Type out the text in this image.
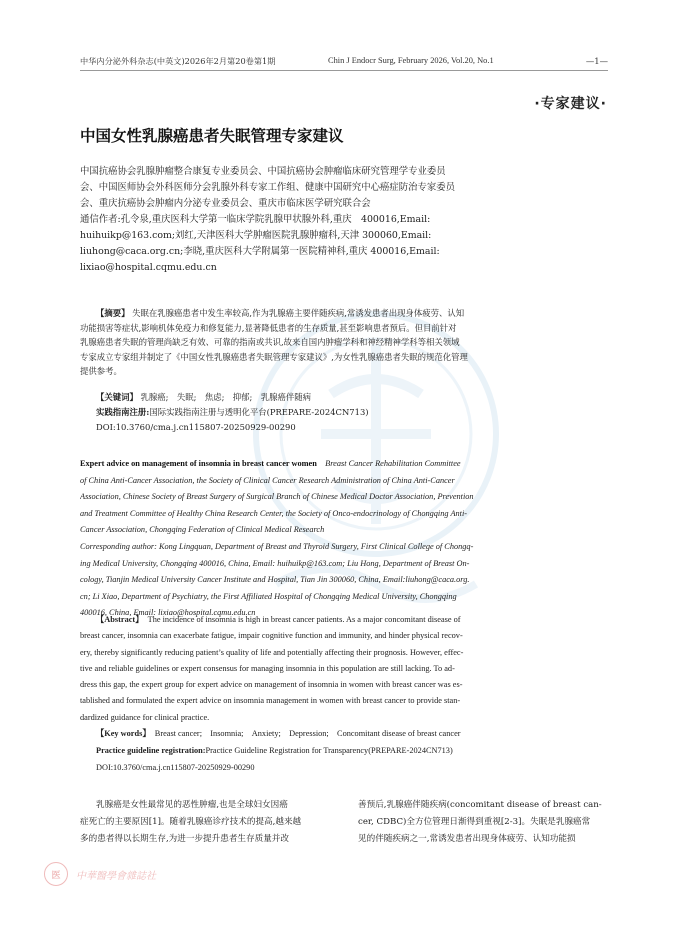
中华内分泌外科杂志(中英文)2026年2月第20卷第1期	Chin J Endocr Surg, February 2026, Vol.20, No.1	—1—
·专家建议·
中国女性乳腺癌患者失眠管理专家建议
中国抗癌协会乳腺肿瘤整合康复专业委员会、中国抗癌协会肿瘤临床研究管理学专业委员
会、中国医师协会外科医师分会乳腺外科专家工作组、健康中国研究中心癌症防治专家委员
会、重庆抗癌协会肿瘤内分泌专业委员会、重庆市临床医学研究联合会
通信作者:孔令泉,重庆医科大学第一临床学院乳腺甲状腺外科,重庆　400016,Email:
huihuikp@163.com;刘红,天津医科大学肿瘤医院乳腺肿瘤科,天津 300060,Email:
liuhong@caca.org.cn;李晓,重庆医科大学附属第一医院精神科,重庆 400016,Email:
lixiao@hospital.cqmu.edu.cn
【摘要】 失眠在乳腺癌患者中发生率较高,作为乳腺癌主要伴随疾病,常诱发患者出现身体疲劳、认知
功能损害等症状,影响机体免疫力和修复能力,显著降低患者的生存质量,甚至影响患者预后。但目前针对
乳腺癌患者失眠的管理尚缺乏有效、可靠的指南或共识,故来自国内肿瘤学科和神经精神学科等相关领域
专家成立专家组并制定了《中国女性乳腺癌患者失眠管理专家建议》,为女性乳腺癌患者失眠的规范化管理
提供参考。
【关键词】 乳腺癌;　失眠;　焦虑;　抑郁;　乳腺癌伴随病
实践指南注册:国际实践指南注册与透明化平台(PREPARE-2024CN713)
DOI:10.3760/cma.j.cn115807-20250929-00290
Expert advice on management of insomnia in breast cancer women　 Breast Cancer Rehabilitation Committee
of China Anti-Cancer Association, the Society of Clinical Cancer Research Administration of China Anti-Cancer
Association, Chinese Society of Breast Surgery of Surgical Branch of Chinese Medical Doctor Association, Prevention
and Treatment Committee of Healthy China Research Center, the Society of Onco-endocrinology of Chongqing Anti-
Cancer Association, Chongqing Federation of Clinical Medical Research
Corresponding author: Kong Lingquan, Department of Breast and Thyroid Surgery, First Clinical College of Chongq-
ing Medical University, Chongqing 400016, China, Email: huihuikp@163.com; Liu Hong, Department of Breast On-
cology, Tianjin Medical University Cancer Institute and Hospital, Tian Jin 300060, China, Email:liuhong@caca.org.
cn; Li Xiao, Department of Psychiatry, the First Affiliated Hospital of Chongqing Medical University, Chongqing
400016, China, Email: lixiao@hospital.cqmu.edu.cn
【Abstract】　 The incidence of insomnia is high in breast cancer patients. As a major concomitant disease of
breast cancer, insomnia can exacerbate fatigue, impair cognitive function and immunity, and hinder physical recov-
ery, thereby significantly reducing patient’s quality of life and potentially affecting their prognosis. However, effec-
tive and reliable guidelines or expert consensus for managing insomnia in this population are still lacking. To ad-
dress this gap, the expert group for expert advice on management of insomnia in women with breast cancer was es-
tablished and formulated the expert advice on insomnia management in women with breast cancer to provide stan-
dardized guidance for clinical practice.
【Key words】　 Breast cancer;　Insomnia;　Anxiety;　Depression;　Concomitant disease of breast cancer
Practice guideline registration:Practice Guideline Registration for Transparency(PREPARE-2024CN713)
DOI:10.3760/cma.j.cn115807-20250929-00290
乳腺癌是女性最常见的恶性肿瘤,也是全球妇女因癌
症死亡的主要原因[1]。随着乳腺癌诊疗技术的提高,越来越
多的患者得以长期生存,为进一步提升患者生存质量并改
善预后,乳腺癌伴随疾病(concomitant disease of breast can-
cer, CDBC)全方位管理日渐得到重视[2-3]。失眠是乳腺癌常
见的伴随疾病之一,常诱发患者出现身体疲劳、认知功能损
医	中華醫學會雜誌社
